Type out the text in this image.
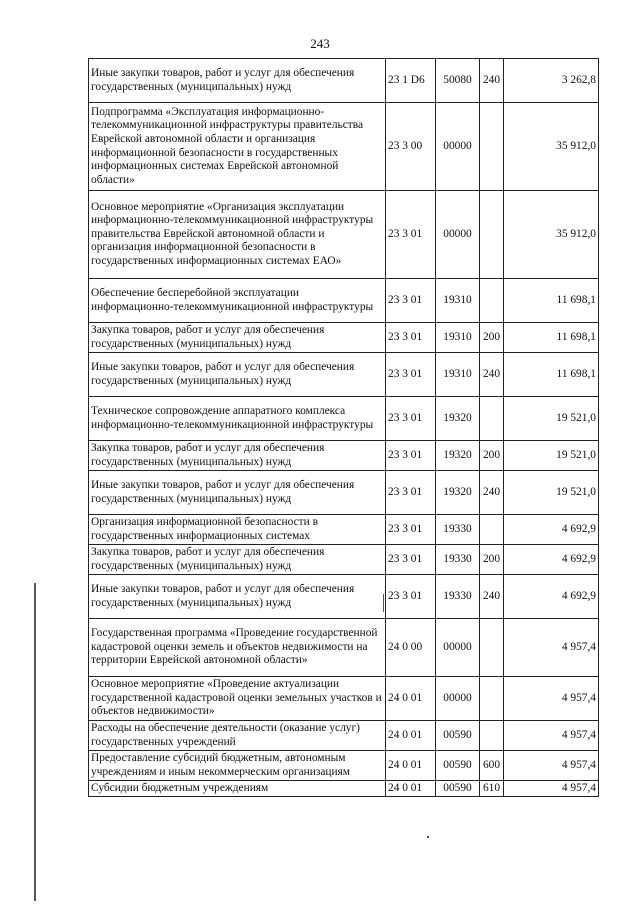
243
Иные закупки товаров, работ и услуг для обеспечения государственных (муниципальных) нужд	23 1 D6	50080	240	3 262,8
Подпрограмма «Эксплуатация информационно-телекоммуникационной инфраструктуры правительства Еврейской автономной области и организация информационной безопасности в государственных информационных системах Еврейской автономной области»	23 3 00	00000		35 912,0
Основное мероприятие «Организация эксплуатации информационно-телекоммуникационной инфраструктуры правительства Еврейской автономной области и организация информационной безопасности в государственных информационных системах ЕАО»	23 3 01	00000		35 912,0
Обеспечение бесперебойной эксплуатации информационно-телекоммуникационной инфраструктуры	23 3 01	19310		11 698,1
Закупка товаров, работ и услуг для обеспечения государственных (муниципальных) нужд	23 3 01	19310	200	11 698,1
Иные закупки товаров, работ и услуг для обеспечения государственных (муниципальных) нужд	23 3 01	19310	240	11 698,1
Техническое сопровождение аппаратного комплекса информационно-телекоммуникационной инфраструктуры	23 3 01	19320		19 521,0
Закупка товаров, работ и услуг для обеспечения государственных (муниципальных) нужд	23 3 01	19320	200	19 521,0
Иные закупки товаров, работ и услуг для обеспечения государственных (муниципальных) нужд	23 3 01	19320	240	19 521,0
Организация информационной безопасности в государственных информационных системах	23 3 01	19330		4 692,9
Закупка товаров, работ и услуг для обеспечения государственных (муниципальных) нужд	23 3 01	19330	200	4 692,9
Иные закупки товаров, работ и услуг для обеспечения государственных (муниципальных) нужд	23 3 01	19330	240	4 692,9
Государственная программа «Проведение государственной кадастровой оценки земель и объектов недвижимости на территории Еврейской автономной области»	24 0 00	00000		4 957,4
Основное мероприятие «Проведение актуализации государственной кадастровой оценки земельных участков и объектов недвижимости»	24 0 01	00000		4 957,4
Расходы на обеспечение деятельности (оказание услуг) государственных учреждений	24 0 01	00590		4 957,4
Предоставление субсидий бюджетным, автономным учреждениям и иным некоммерческим организациям	24 0 01	00590	600	4 957,4
Субсидии бюджетным учреждениям	24 0 01	00590	610	4 957,4
